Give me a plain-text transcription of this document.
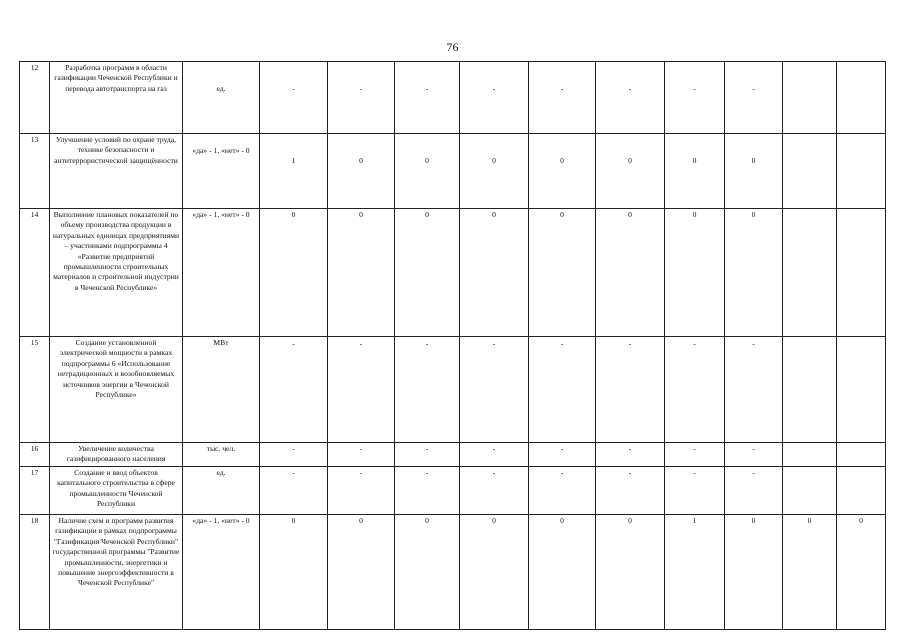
76
12	Разработка программ в области газификации Чеченской Республики и перевода автотранспорта на газ	ед.	-	-	-	-	-	-	-	-		
13	Улучшение условий по охране труда, технике безопасности и антитеррористической защищённости	«да» - 1, «нет» - 0	1	0	0	0	0	0	0	0		
14	Выполнение плановых показателей по объему производства продукции в натуральных единицах предприятиями – участниками подпрограммы 4 «Развитие предприятий промышленности строительных материалов и строительной индустрии в Чеченской Республике»	«да» - 1, «нет» - 0	0	0	0	0	0	0	0	0		
15	Создание установленной электрической мощности в рамках подпрограммы 6 «Использование нетрадиционных и возобновляемых источников энергии в Чеченской Республике»	МВт	-	-	-	-	-	-	-	-		
16	Увеличение количества газифицированного населения	тыс. чел.	-	-	-	-	-	-	-	-		
17	Создание и ввод объектов капитального строительства в сфере промышленности Чеченской Республики	ед.	-	-	-	-	-	-	-	-		
18	Наличие схем и программ развития газификации в рамках подпрограммы "Газификация Чеченской Республики" государственной программы "Развитие промышленности, энергетики и повышение энергоэффективности в Чеченской Республике"	«да» - 1, «нет» - 0	0	0	0	0	0	0	1	0	0	0
